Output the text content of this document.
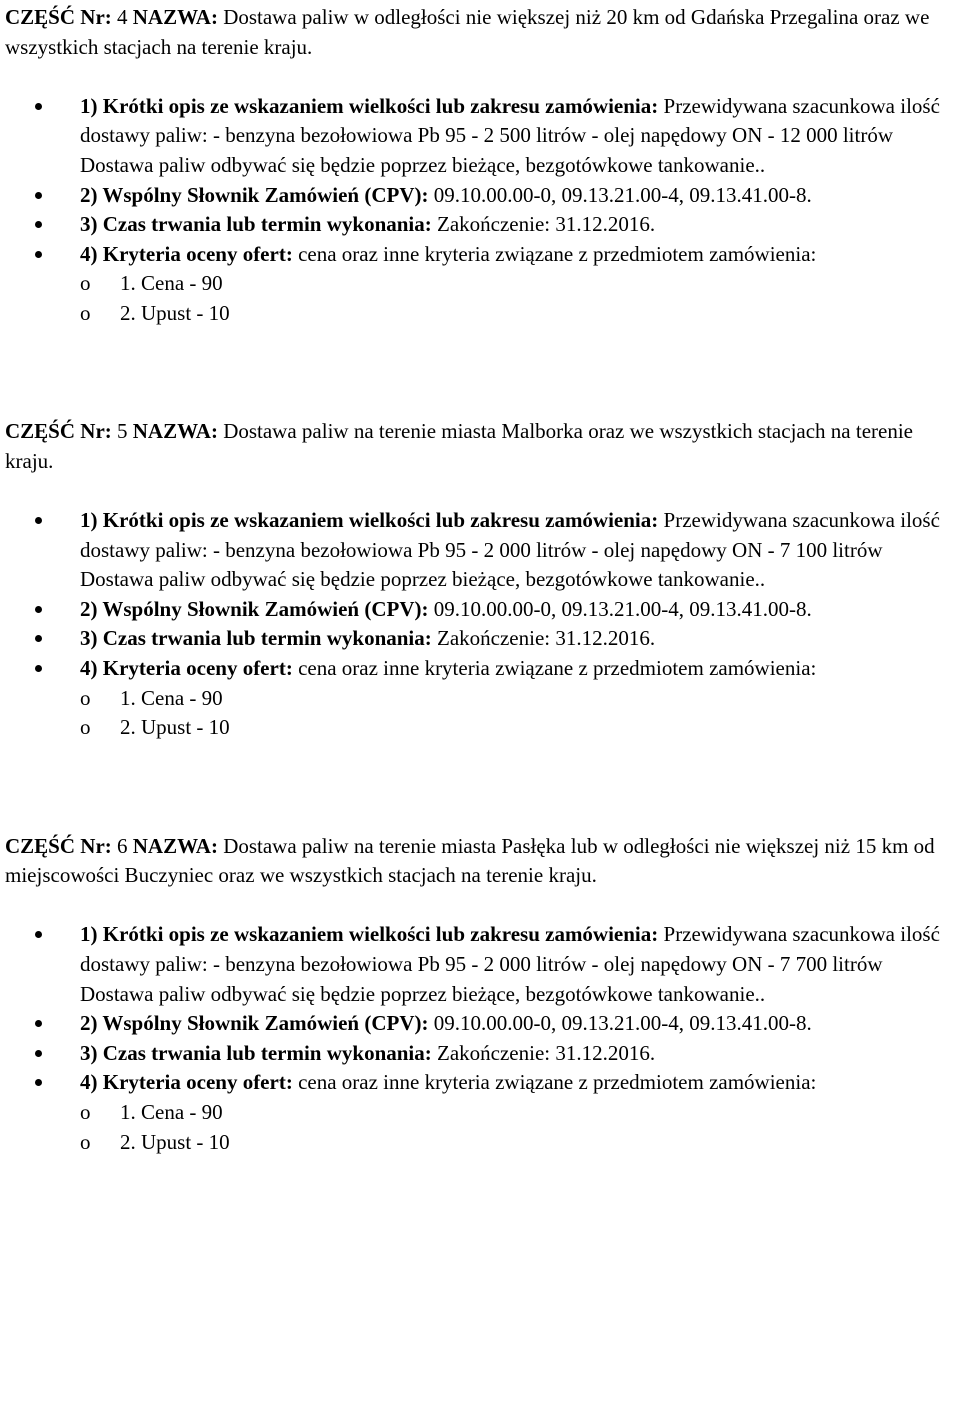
CZĘŚĆ Nr: 4 NAZWA: Dostawa paliw w odległości nie większej niż 20 km od Gdańska Przegalina oraz we wszystkich stacjach na terenie kraju.

1) Krótki opis ze wskazaniem wielkości lub zakresu zamówienia: Przewidywana szacunkowa ilość dostawy paliw: - benzyna bezołowiowa Pb 95 - 2 500 litrów - olej napędowy ON - 12 000 litrów Dostawa paliw odbywać się będzie poprzez bieżące, bezgotówkowe tankowanie..
2) Wspólny Słownik Zamówień (CPV): 09.10.00.00-0, 09.13.21.00-4, 09.13.41.00-8.
3) Czas trwania lub termin wykonania: Zakończenie: 31.12.2016.
4) Kryteria oceny ofert: cena oraz inne kryteria związane z przedmiotem zamówienia:
o	1. Cena - 90
o	2. Upust - 10

CZĘŚĆ Nr: 5 NAZWA: Dostawa paliw na terenie miasta Malborka oraz we wszystkich stacjach na terenie kraju.

1) Krótki opis ze wskazaniem wielkości lub zakresu zamówienia: Przewidywana szacunkowa ilość dostawy paliw: - benzyna bezołowiowa Pb 95 - 2 000 litrów - olej napędowy ON - 7 100 litrów Dostawa paliw odbywać się będzie poprzez bieżące, bezgotówkowe tankowanie..
2) Wspólny Słownik Zamówień (CPV): 09.10.00.00-0, 09.13.21.00-4, 09.13.41.00-8.
3) Czas trwania lub termin wykonania: Zakończenie: 31.12.2016.
4) Kryteria oceny ofert: cena oraz inne kryteria związane z przedmiotem zamówienia:
o	1. Cena - 90
o	2. Upust - 10

CZĘŚĆ Nr: 6 NAZWA: Dostawa paliw na terenie miasta Pasłęka lub w odległości nie większej niż 15 km od miejscowości Buczyniec oraz we wszystkich stacjach na terenie kraju.

1) Krótki opis ze wskazaniem wielkości lub zakresu zamówienia: Przewidywana szacunkowa ilość dostawy paliw: - benzyna bezołowiowa Pb 95 - 2 000 litrów - olej napędowy ON - 7 700 litrów Dostawa paliw odbywać się będzie poprzez bieżące, bezgotówkowe tankowanie..
2) Wspólny Słownik Zamówień (CPV): 09.10.00.00-0, 09.13.21.00-4, 09.13.41.00-8.
3) Czas trwania lub termin wykonania: Zakończenie: 31.12.2016.
4) Kryteria oceny ofert: cena oraz inne kryteria związane z przedmiotem zamówienia:
o	1. Cena - 90
o	2. Upust - 10
